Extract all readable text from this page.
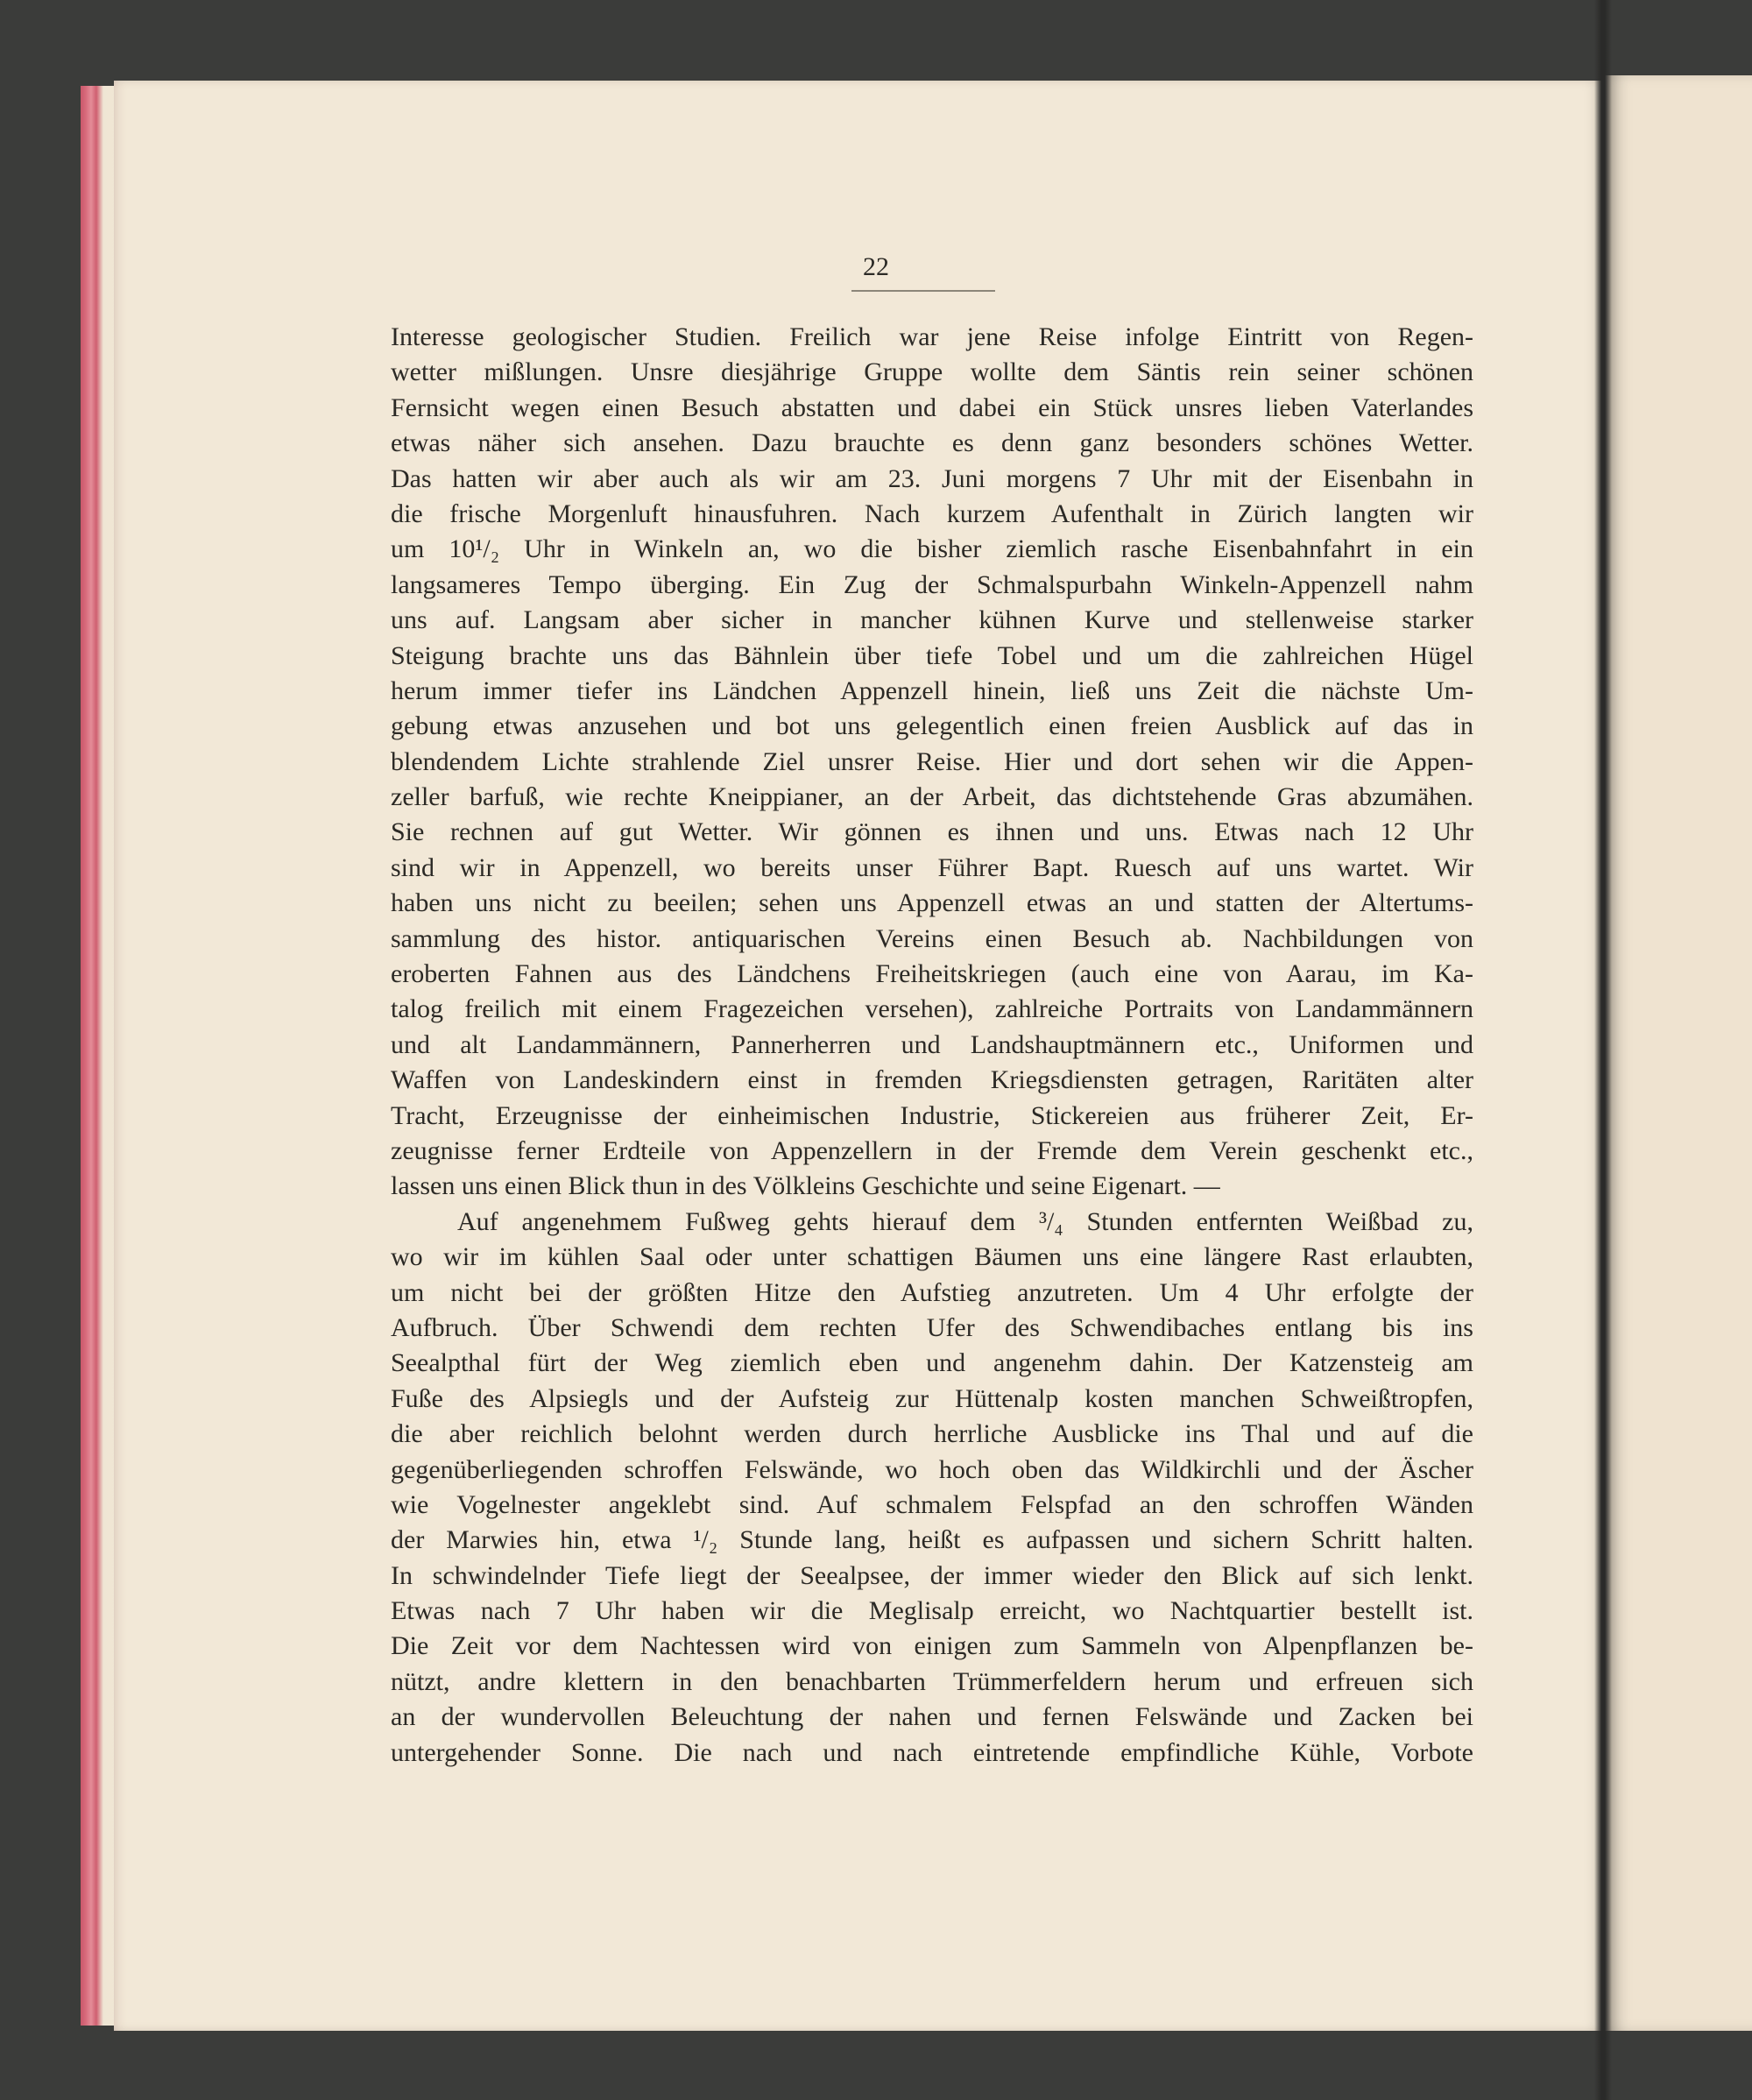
22
Interesse geologischer Studien. Freilich war jene Reise infolge Eintritt von Regen-
wetter mißlungen. Unsre diesjährige Gruppe wollte dem Säntis rein seiner schönen
Fernsicht wegen einen Besuch abstatten und dabei ein Stück unsres lieben Vaterlandes
etwas näher sich ansehen. Dazu brauchte es denn ganz besonders schönes Wetter.
Das hatten wir aber auch als wir am 23. Juni morgens 7 Uhr mit der Eisenbahn in
die frische Morgenluft hinausfuhren. Nach kurzem Aufenthalt in Zürich langten wir
um 10¹/₂ Uhr in Winkeln an, wo die bisher ziemlich rasche Eisenbahnfahrt in ein
langsameres Tempo überging. Ein Zug der Schmalspurbahn Winkeln-Appenzell nahm
uns auf. Langsam aber sicher in mancher kühnen Kurve und stellenweise starker
Steigung brachte uns das Bähnlein über tiefe Tobel und um die zahlreichen Hügel
herum immer tiefer ins Ländchen Appenzell hinein, ließ uns Zeit die nächste Um-
gebung etwas anzusehen und bot uns gelegentlich einen freien Ausblick auf das in
blendendem Lichte strahlende Ziel unsrer Reise. Hier und dort sehen wir die Appen-
zeller barfuß, wie rechte Kneippianer, an der Arbeit, das dichtstehende Gras abzumähen.
Sie rechnen auf gut Wetter. Wir gönnen es ihnen und uns. Etwas nach 12 Uhr
sind wir in Appenzell, wo bereits unser Führer Bapt. Ruesch auf uns wartet. Wir
haben uns nicht zu beeilen; sehen uns Appenzell etwas an und statten der Altertums-
sammlung des histor. antiquarischen Vereins einen Besuch ab. Nachbildungen von
eroberten Fahnen aus des Ländchens Freiheitskriegen (auch eine von Aarau, im Ka-
talog freilich mit einem Fragezeichen versehen), zahlreiche Portraits von Landammännern
und alt Landammännern, Pannerherren und Landshauptmännern etc., Uniformen und
Waffen von Landeskindern einst in fremden Kriegsdiensten getragen, Raritäten alter
Tracht, Erzeugnisse der einheimischen Industrie, Stickereien aus früherer Zeit, Er-
zeugnisse ferner Erdteile von Appenzellern in der Fremde dem Verein geschenkt etc.,
lassen uns einen Blick thun in des Völkleins Geschichte und seine Eigenart. —
Auf angenehmem Fußweg gehts hierauf dem ³/₄ Stunden entfernten Weißbad zu,
wo wir im kühlen Saal oder unter schattigen Bäumen uns eine längere Rast erlaubten,
um nicht bei der größten Hitze den Aufstieg anzutreten. Um 4 Uhr erfolgte der
Aufbruch. Über Schwendi dem rechten Ufer des Schwendibaches entlang bis ins
Seealpthal fürt der Weg ziemlich eben und angenehm dahin. Der Katzensteig am
Fuße des Alpsiegls und der Aufsteig zur Hüttenalp kosten manchen Schweißtropfen,
die aber reichlich belohnt werden durch herrliche Ausblicke ins Thal und auf die
gegenüberliegenden schroffen Felswände, wo hoch oben das Wildkirchli und der Äscher
wie Vogelnester angeklebt sind. Auf schmalem Felspfad an den schroffen Wänden
der Marwies hin, etwa ¹/₂ Stunde lang, heißt es aufpassen und sichern Schritt halten.
In schwindelnder Tiefe liegt der Seealpsee, der immer wieder den Blick auf sich lenkt.
Etwas nach 7 Uhr haben wir die Meglisalp erreicht, wo Nachtquartier bestellt ist.
Die Zeit vor dem Nachtessen wird von einigen zum Sammeln von Alpenpflanzen be-
nützt, andre klettern in den benachbarten Trümmerfeldern herum und erfreuen sich
an der wundervollen Beleuchtung der nahen und fernen Felswände und Zacken bei
untergehender Sonne. Die nach und nach eintretende empfindliche Kühle, Vorbote
